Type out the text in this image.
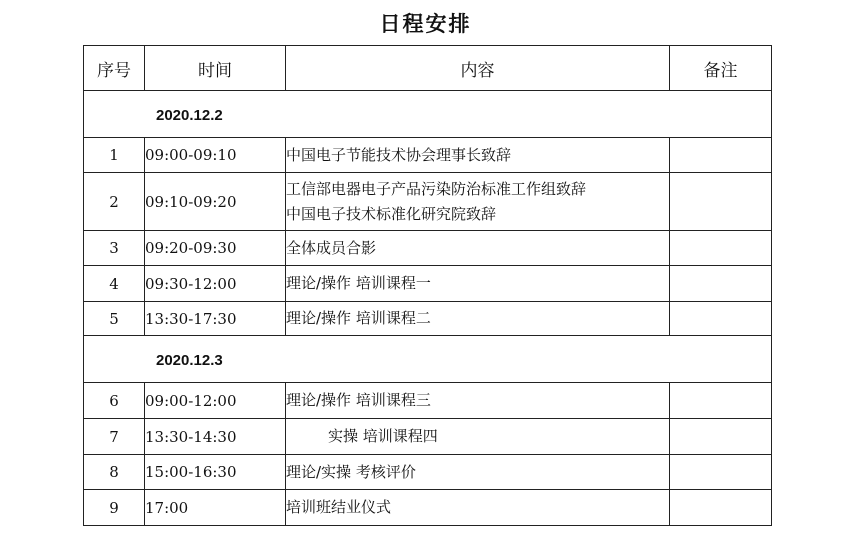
日程安排
序号	时间	内容	备注
2020.12.2			
1	09:00-09:10	中国电子节能技术协会理事长致辞	

2	09:10-09:20	工信部电器电子产品污染防治标准工作组致辞
中国电子技术标准化研究院致辞	

3	09:20-09:30	全体成员合影	

4	09:30-12:00	理论/操作 培训课程一	

5	13:30-17:30	理论/操作 培训课程二	

2020.12.3			
6	09:00-12:00	理论/操作 培训课程三	

7	13:30-14:30	实操 培训课程四	

8	15:00-16:30	理论/实操 考核评价	

9	17:00	培训班结业仪式	
